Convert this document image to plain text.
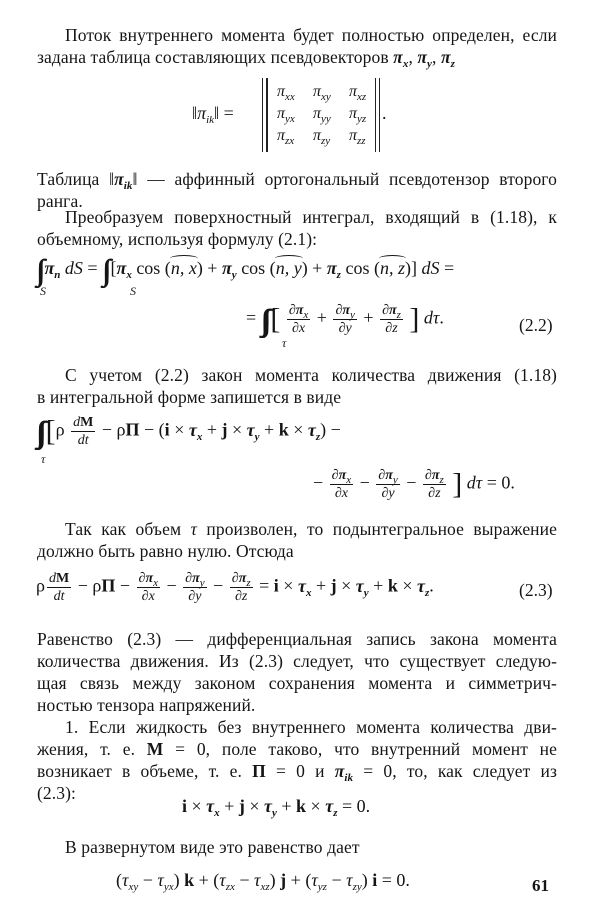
Поток внутреннего момента будет полностью определен, если
задана таблица составляющих псевдовекторов $\pi_x$, $\pi_y$, $\pi_z$
$‖\pi_{ik}‖$ =
$\pi_{xx}$ $\pi_{xy}$ $\pi_{xz}$
$\pi_{yx}$ $\pi_{yy}$ $\pi_{yz}$
$\pi_{zx}$ $\pi_{zy}$ $\pi_{zz}$
.
Таблица $‖\pi_{ik}‖$ — аффинный ортогональный псевдотензор второго
ранга.
Преобразуем поверхностный интеграл, входящий в (1.18), к
объемному, используя формулу (2.1):
∫∫ $\pi_n$ dS = ∫∫ [$\pi_x$ cos (n, $x) + \pi_y$ cos (n, $y) + \pi_z$ cos (n, z)] dS =
S	S
= ∫∫∫ [ $\frac{\partial\pi_x}{\partial x} + \frac{\partial\pi_y}{\partial y} + \frac{\partial\pi_z}{\partial z}$ ] dτ.
τ
(2.2)
С учетом (2.2) закон момента количества движения (1.18)
в интегральной форме запишется в виде
∫∫∫ [$\rho \frac{dM}{dt} - \rho\Pi - (i \times \tau_x + j \times \tau_y + k \times \tau_z)$ −
τ
− $\frac{\partial\pi_x}{\partial x} - \frac{\partial\pi_y}{\partial y} - \frac{\partial\pi_z}{\partial z}$ ] dτ = 0.
Так как объем τ произволен, то подынтегральное выражение
должно быть равно нулю. Отсюда
ρ $\frac{dM}{dt} - \rho\Pi - \frac{\partial\pi_x}{\partial x} - \frac{\partial\pi_y}{\partial y} - \frac{\partial\pi_z}{\partial z} = i \times \tau_x + j \times \tau_y + k \times \tau_z$.	(2.3)
Равенство (2.3) — дифференциальная запись закона момента
количества движения. Из (2.3) следует, что существует следую-
щая связь между законом сохранения момента и симметрич-
ностью тензора напряжений.
1. Если жидкость без внутреннего момента количества дви-
жения, т. е. M = 0, поле таково, что внутренний момент не
возникает в объеме, т. е. Π = 0 и $\pi_{ik} = 0$, то, как следует из
(2.3):
$i \times \tau_x + j \times \tau_y + k \times \tau_z = 0$.
В развернутом виде это равенство дает
$(\tau_{xy} - \tau_{yx}) k + (\tau_{zx} - \tau_{xz}) j + (\tau_{yz} - \tau_{zy}) i = 0$.	61
